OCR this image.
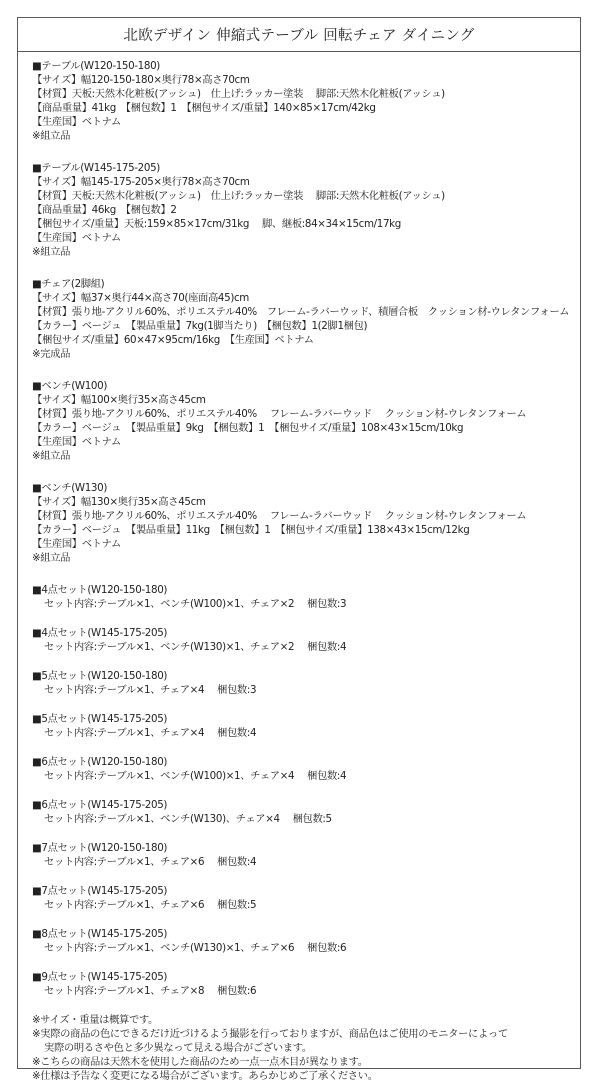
北欧デザイン 伸縮式テーブル 回転チェア ダイニング
■テーブル(W120-150-180)
【サイズ】幅120-150-180×奥行78×高さ70cm
【材質】天板:天然木化粧板(アッシュ)　仕上げ:ラッカー塗装　 脚部:天然木化粧板(アッシュ)
【商品重量】41kg　【梱包数】1　【梱包サイズ/重量】140×85×17cm/42kg
【生産国】ベトナム
※組立品
■テーブル(W145-175-205)
【サイズ】幅145-175-205×奥行78×高さ70cm
【材質】天板:天然木化粧板(アッシュ)　仕上げ:ラッカー塗装　 脚部:天然木化粧板(アッシュ)
【商品重量】46kg　【梱包数】2
【梱包サイズ/重量】天板:159×85×17cm/31kg　 脚、継板:84×34×15cm/17kg
【生産国】ベトナム
※組立品
■チェア(2脚組)
【サイズ】幅37×奥行44×高さ70(座面高45)cm
【材質】張り地-アクリル60%、ポリエステル40%　フレーム-ラバーウッド、積層合板　クッション材-ウレタンフォーム
【カラー】ベージュ　【製品重量】7kg(1脚当たり)　【梱包数】1(2脚1梱包)
【梱包サイズ/重量】60×47×95cm/16kg　【生産国】ベトナム
※完成品
■ベンチ(W100)
【サイズ】幅100×奥行35×高さ45cm
【材質】張り地-アクリル60%、ポリエステル40%　 フレーム-ラバーウッド　 クッション材-ウレタンフォーム
【カラー】ベージュ　【製品重量】9kg　【梱包数】1　【梱包サイズ/重量】108×43×15cm/10kg
【生産国】ベトナム
※組立品
■ベンチ(W130)
【サイズ】幅130×奥行35×高さ45cm
【材質】張り地-アクリル60%、ポリエステル40%　 フレーム-ラバーウッド　 クッション材-ウレタンフォーム
【カラー】ベージュ　【製品重量】11kg　【梱包数】1　【梱包サイズ/重量】138×43×15cm/12kg
【生産国】ベトナム
※組立品
■4点セット(W120-150-180)
セット内容:テーブル×1、ベンチ(W100)×1、チェア×2　 梱包数:3
■4点セット(W145-175-205)
セット内容:テーブル×1、ベンチ(W130)×1、チェア×2　 梱包数:4
■5点セット(W120-150-180)
セット内容:テーブル×1、チェア×4　 梱包数:3
■5点セット(W145-175-205)
セット内容:テーブル×1、チェア×4　 梱包数:4
■6点セット(W120-150-180)
セット内容:テーブル×1、ベンチ(W100)×1、チェア×4　 梱包数:4
■6点セット(W145-175-205)
セット内容:テーブル×1、ベンチ(W130)、チェア×4　 梱包数:5
■7点セット(W120-150-180)
セット内容:テーブル×1、チェア×6　 梱包数:4
■7点セット(W145-175-205)
セット内容:テーブル×1、チェア×6　 梱包数:5
■8点セット(W145-175-205)
セット内容:テーブル×1、ベンチ(W130)×1、チェア×6　 梱包数:6
■9点セット(W145-175-205)
セット内容:テーブル×1、チェア×8　 梱包数:6
※サイズ・重量は概算です。
※実際の商品の色にできるだけ近づけるよう撮影を行っておりますが、商品色はご使用のモニターによって
実際の明るさや色と多少異なって見える場合がございます。
※こちらの商品は天然木を使用した商品のため一点一点木目が異なります。
※仕様は予告なく変更になる場合がございます。あらかじめご了承ください。
